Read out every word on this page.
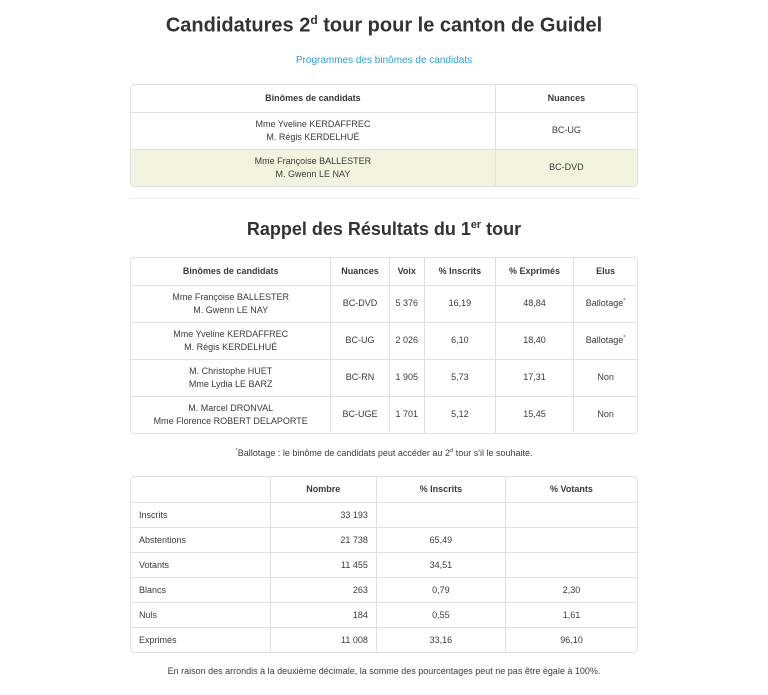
Candidatures 2$^d$ tour pour le canton de Guidel
Programmes des binômes de candidats
Binômes de candidats	Nuances

Mme Yveline KERDAFFREC
M. Régis KERDELHUÉ	BC-UG

Mme Françoise BALLESTER
M. Gwenn LE NAY	BC-DVD
Rappel des Résultats du 1er tour
Binômes de candidats	Nuances	Voix	% Inscrits	% Exprimés	Elus

Mme Françoise BALLESTER
M. Gwenn LE NAY	BC-DVD	5 376	16,19	48,84	Ballotage*

Mme Yveline KERDAFFREC
M. Régis KERDELHUÉ	BC-UG	2 026	6,10	18,40	Ballotage*

M. Christophe HUET
Mme Lydia LE BARZ	BC-RN	1 905	5,73	17,31	Non

M. Marcel DRONVAL
Mme Florence ROBERT DELAPORTE	BC-UGE	1 701	5,12	15,45	Non

*Ballotage : le binôme de candidats peut accéder au 2$^d$ tour s'il le souhaite.

	Nombre	% Inscrits	% Votants
Inscrits	33 193		
Abstentions	21 738	65,49	
Votants	11 455	34,51	
Blancs	263	0,79	2,30
Nuls	184	0,55	1,61
Exprimés	11 008	33,16	96,10

En raison des arrondis à la deuxième décimale, la somme des pourcentages peut ne pas être égale à 100%.
